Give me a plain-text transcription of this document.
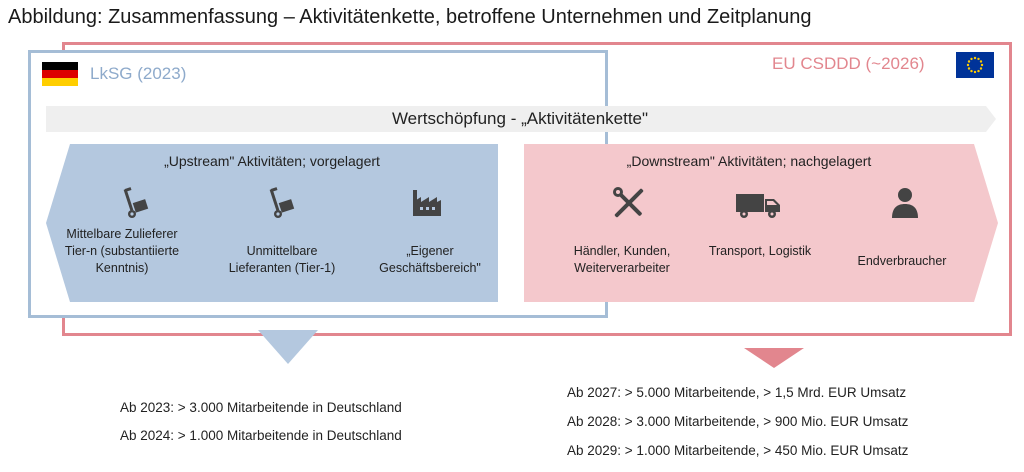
Abbildung: Zusammenfassung – Aktivitätenkette, betroffene Unternehmen und Zeitplanung
LkSG (2023)
EU CSDDD (~2026)
Wertschöpfung - „Aktivitätenkette"
„Upstream" Aktivitäten; vorgelagert	„Downstream" Aktivitäten; nachgelagert
Mittelbare Zulieferer Tier-n (substantiierte Kenntnis)
Unmittelbare Lieferanten (Tier-1)
„Eigener Geschäftsbereich"
Händler, Kunden, Weiterverarbeiter
Transport, Logistik
Endverbraucher
Ab 2023: > 3.000 Mitarbeitende in Deutschland
Ab 2024: > 1.000 Mitarbeitende in Deutschland
Ab 2027: > 5.000 Mitarbeitende, > 1,5 Mrd. EUR Umsatz
Ab 2028: > 3.000 Mitarbeitende, > 900 Mio. EUR Umsatz
Ab 2029: > 1.000 Mitarbeitende, > 450 Mio. EUR Umsatz
